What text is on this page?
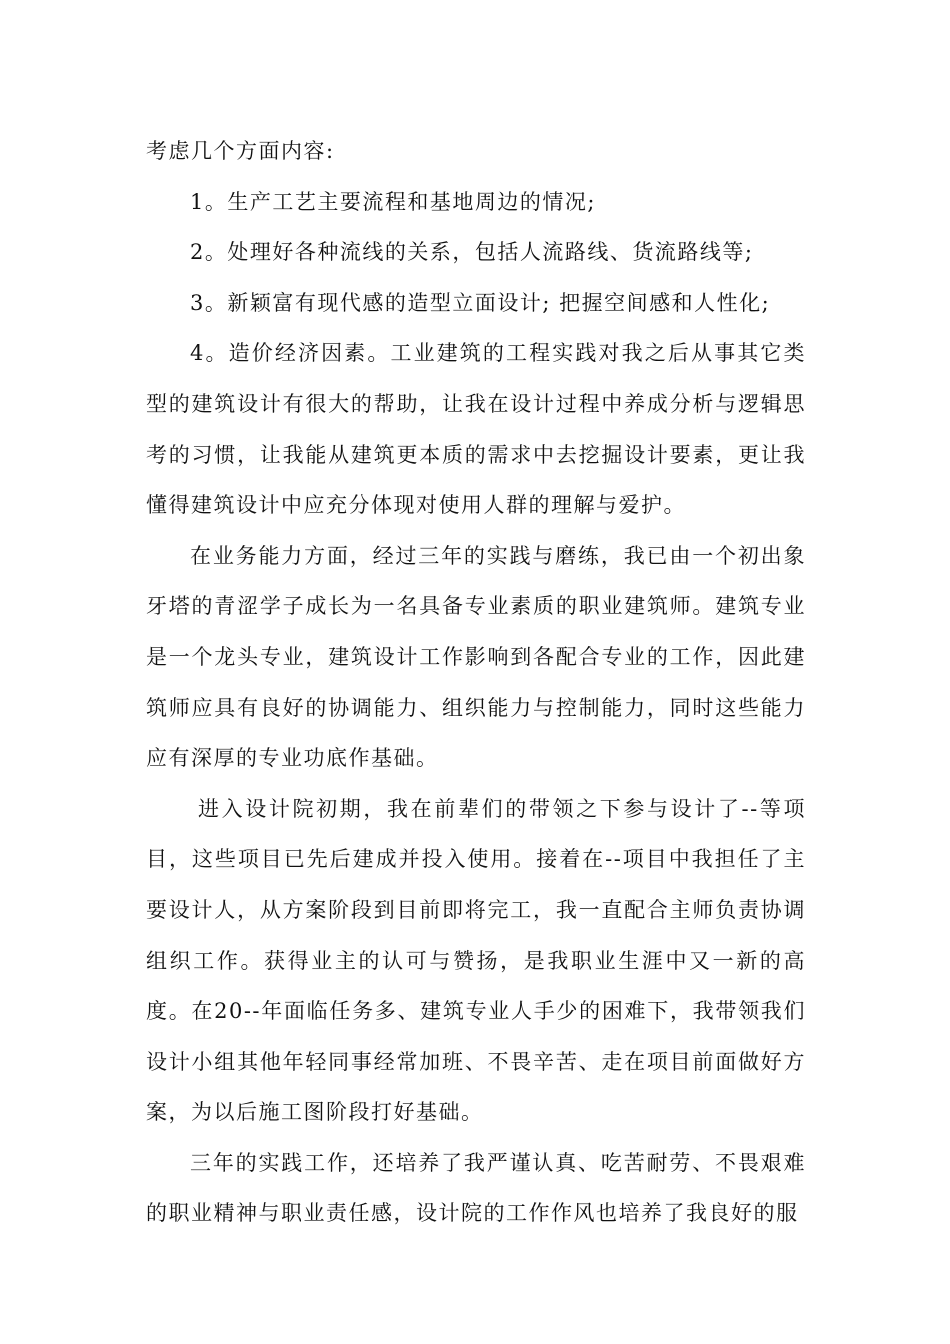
考虑几个方面内容:

1。生产工艺主要流程和基地周边的情况;

2。处理好各种流线的关系，包括人流路线、货流路线等;

3。新颖富有现代感的造型立面设计; 把握空间感和人性化;

4。造价经济因素。工业建筑的工程实践对我之后从事其它类型的建筑设计有很大的帮助，让我在设计过程中养成分析与逻辑思考的习惯，让我能从建筑更本质的需求中去挖掘设计要素，更让我懂得建筑设计中应充分体现对使用人群的理解与爱护。

在业务能力方面，经过三年的实践与磨练，我已由一个初出象牙塔的青涩学子成长为一名具备专业素质的职业建筑师。建筑专业是一个龙头专业，建筑设计工作影响到各配合专业的工作，因此建筑师应具有良好的协调能力、组织能力与控制能力，同时这些能力应有深厚的专业功底作基础。

进入设计院初期，我在前辈们的带领之下参与设计了--等项目，这些项目已先后建成并投入使用。接着在--项目中我担任了主要设计人，从方案阶段到目前即将完工，我一直配合主师负责协调组织工作。获得业主的认可与赞扬，是我职业生涯中又一新的高度。在20--年面临任务多、建筑专业人手少的困难下，我带领我们设计小组其他年轻同事经常加班、不畏辛苦、走在项目前面做好方案，为以后施工图阶段打好基础。

三年的实践工作，还培养了我严谨认真、吃苦耐劳、不畏艰难的职业精神与职业责任感，设计院的工作作风也培养了我良好的服
